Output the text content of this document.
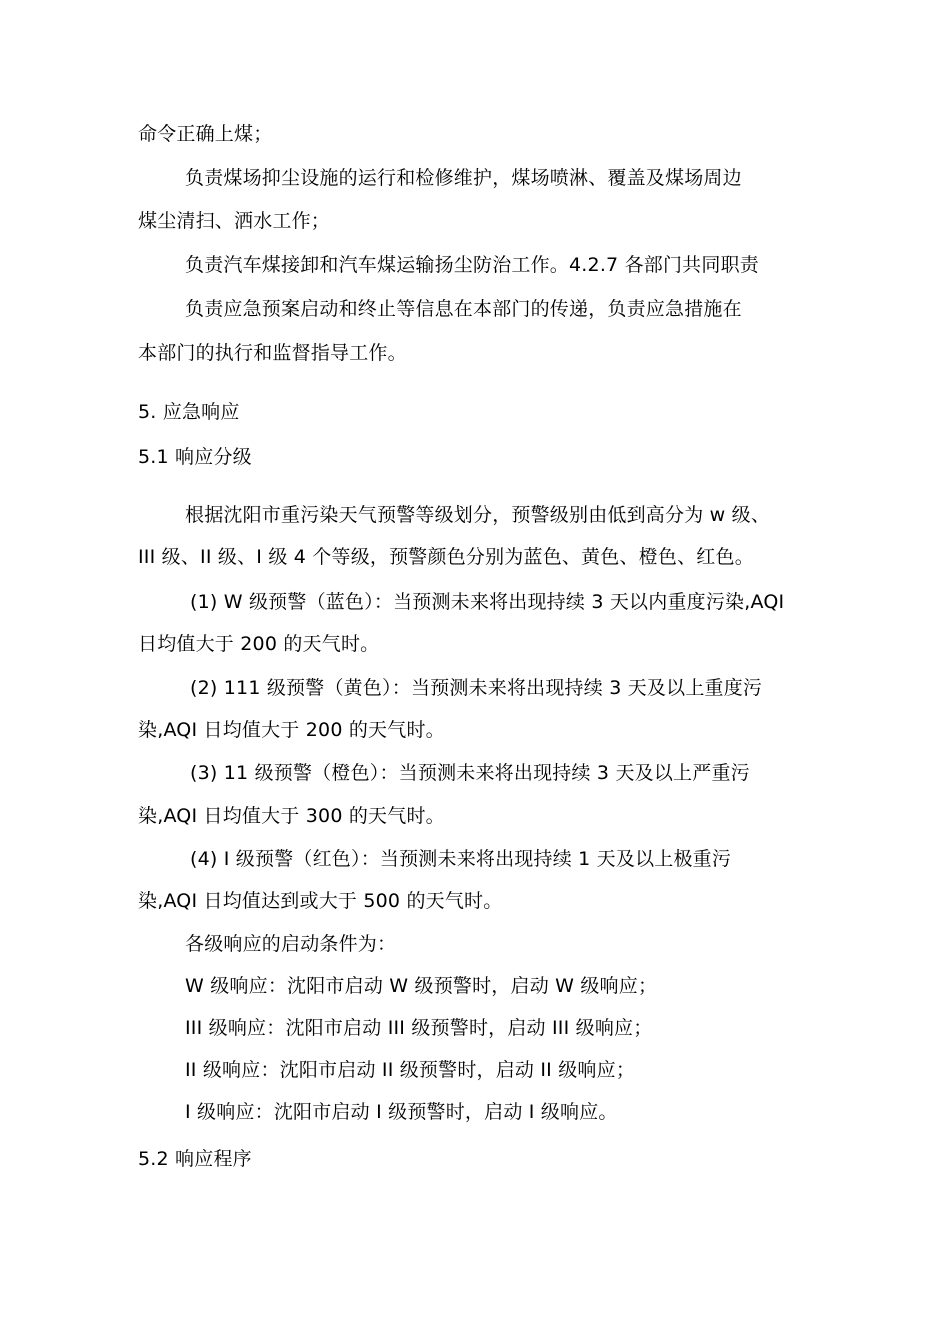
命令正确上煤；
负责煤场抑尘设施的运行和检修维护，煤场喷淋、覆盖及煤场周边
煤尘清扫、洒水工作；
负责汽车煤接卸和汽车煤运输扬尘防治工作。4.2.7 各部门共同职责
负责应急预案启动和终止等信息在本部门的传递，负责应急措施在
本部门的执行和监督指导工作。
5. 应急响应
5.1 响应分级
根据沈阳市重污染天气预警等级划分，预警级别由低到高分为 w 级、
III 级、II 级、I 级 4 个等级，预警颜色分别为蓝色、黄色、橙色、红色。
(1) W 级预警（蓝色）：当预测未来将出现持续 3 天以内重度污染,AQI
日均值大于 200 的天气时。
(2) 111 级预警（黄色）：当预测未来将出现持续 3 天及以上重度污
染,AQI 日均值大于 200 的天气时。
(3) 11 级预警（橙色）：当预测未来将出现持续 3 天及以上严重污
染,AQI 日均值大于 300 的天气时。
(4) I 级预警（红色）：当预测未来将出现持续 1 天及以上极重污
染,AQI 日均值达到或大于 500 的天气时。
各级响应的启动条件为：
W 级响应：沈阳市启动 W 级预警时，启动 W 级响应；
III 级响应：沈阳市启动 III 级预警时，启动 III 级响应；
II 级响应：沈阳市启动 II 级预警时，启动 II 级响应；
I 级响应：沈阳市启动 I 级预警时，启动 I 级响应。
5.2 响应程序
